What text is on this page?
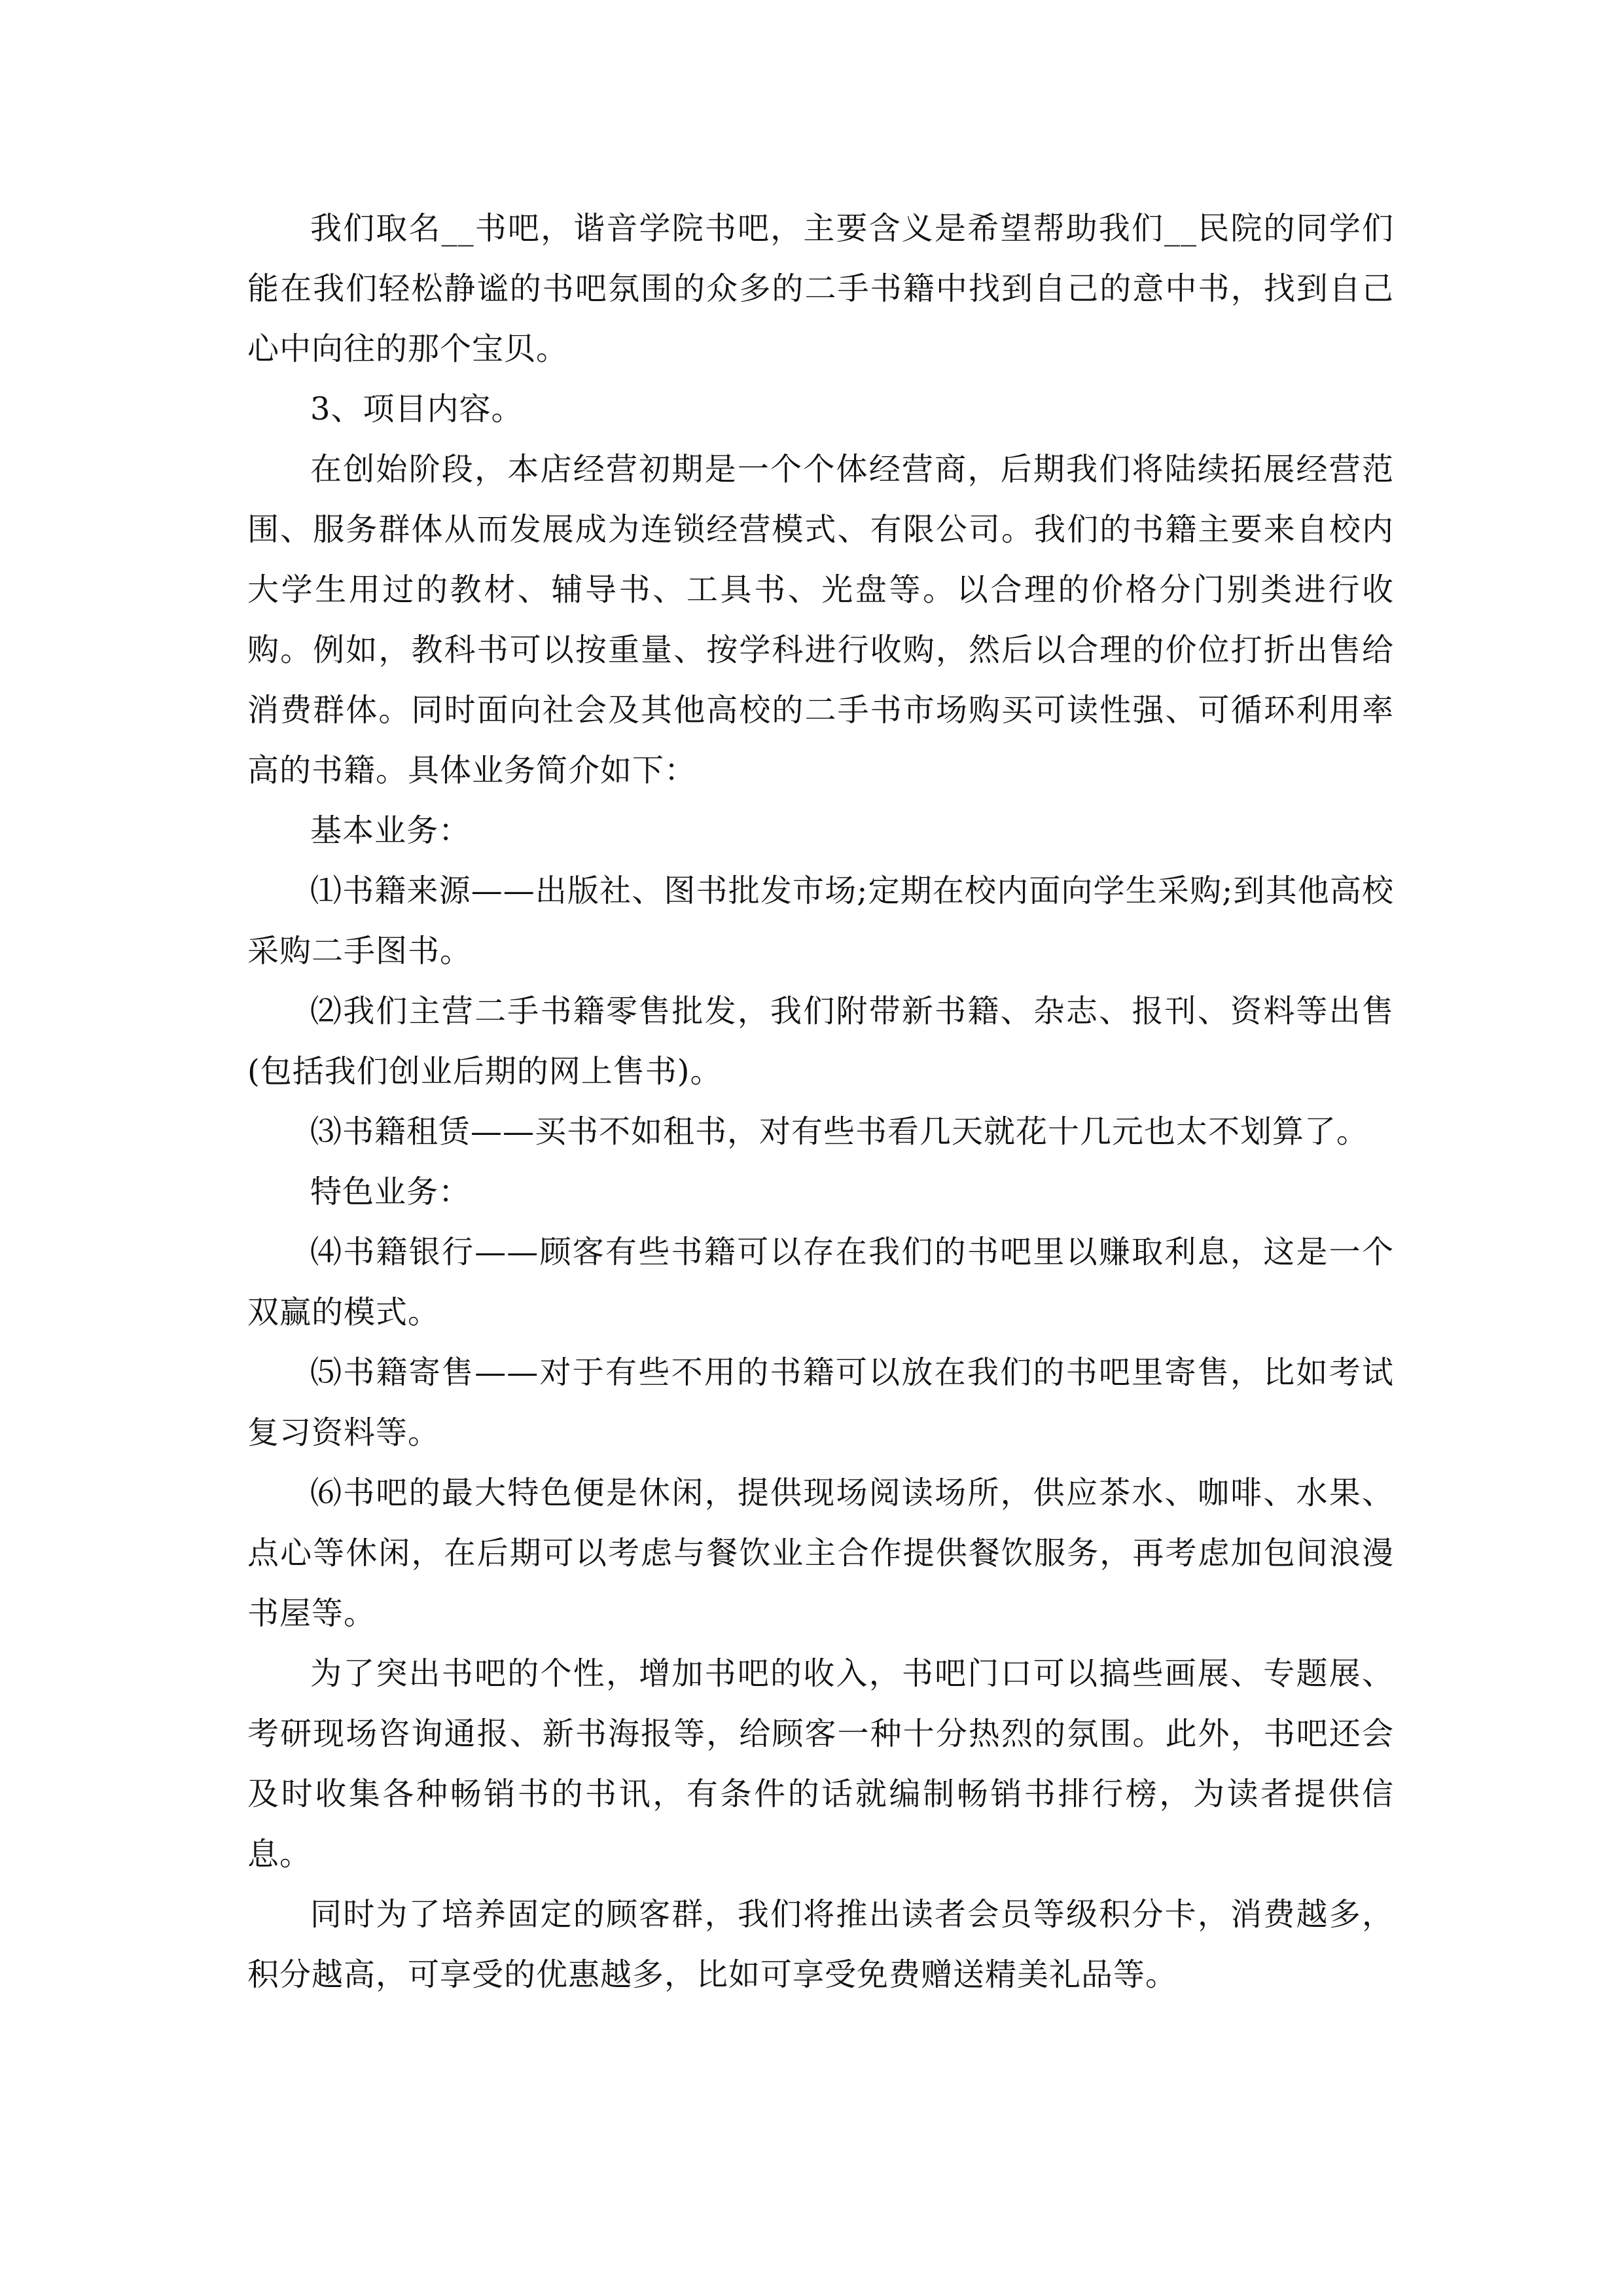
我们取名__书吧，谐音学院书吧，主要含义是希望帮助我们__民院的同学们能在我们轻松静谧的书吧氛围的众多的二手书籍中找到自己的意中书，找到自己心中向往的那个宝贝。

3、项目内容。

在创始阶段，本店经营初期是一个个体经营商，后期我们将陆续拓展经营范围、服务群体从而发展成为连锁经营模式、有限公司。我们的书籍主要来自校内大学生用过的教材、辅导书、工具书、光盘等。以合理的价格分门别类进行收购。例如，教科书可以按重量、按学科进行收购，然后以合理的价位打折出售给消费群体。同时面向社会及其他高校的二手书市场购买可读性强、可循环利用率高的书籍。具体业务简介如下：

基本业务：

⑴书籍来源——出版社、图书批发市场;定期在校内面向学生采购;到其他高校采购二手图书。

⑵我们主营二手书籍零售批发，我们附带新书籍、杂志、报刊、资料等出售(包括我们创业后期的网上售书)。

⑶书籍租赁——买书不如租书，对有些书看几天就花十几元也太不划算了。

特色业务：

⑷书籍银行——顾客有些书籍可以存在我们的书吧里以赚取利息，这是一个双赢的模式。

⑸书籍寄售——对于有些不用的书籍可以放在我们的书吧里寄售，比如考试复习资料等。

⑹书吧的最大特色便是休闲，提供现场阅读场所，供应茶水、咖啡、水果、点心等休闲，在后期可以考虑与餐饮业主合作提供餐饮服务，再考虑加包间浪漫书屋等。

为了突出书吧的个性，增加书吧的收入，书吧门口可以搞些画展、专题展、考研现场咨询通报、新书海报等，给顾客一种十分热烈的氛围。此外，书吧还会及时收集各种畅销书的书讯，有条件的话就编制畅销书排行榜，为读者提供信息。

同时为了培养固定的顾客群，我们将推出读者会员等级积分卡，消费越多，积分越高，可享受的优惠越多，比如可享受免费赠送精美礼品等。
